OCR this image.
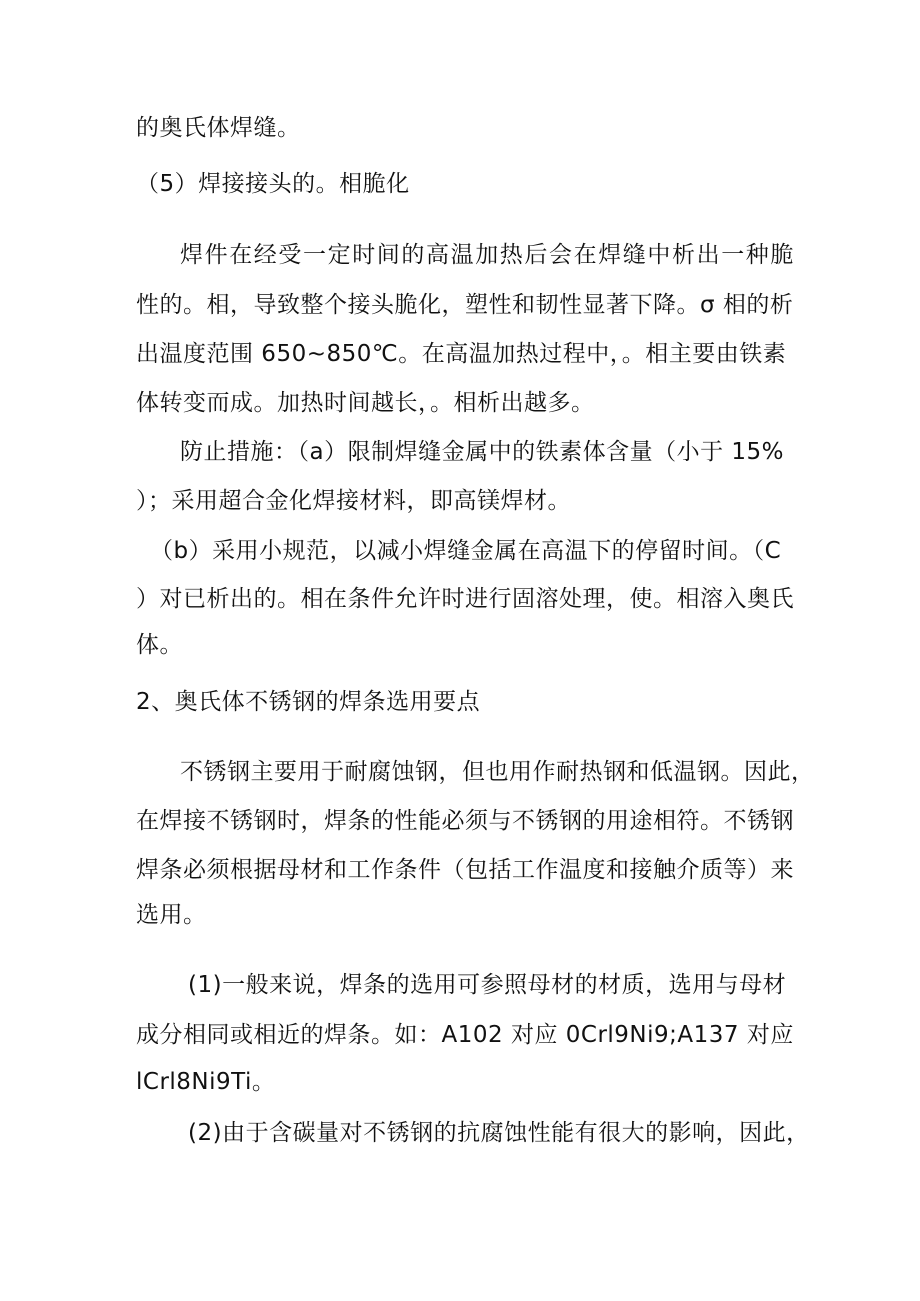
的奥氏体焊缝。
（5）焊接接头的。相脆化
焊件在经受一定时间的高温加热后会在焊缝中析出一种脆
性的。相，导致整个接头脆化，塑性和韧性显著下降。σ 相的析
出温度范围 650~850℃。在高温加热过程中，。相主要由铁素
体转变而成。加热时间越长，。相析出越多。
防止措施：（a）限制焊缝金属中的铁素体含量（小于 15%
）；采用超合金化焊接材料，即高镁焊材。
（b）采用小规范，以减小焊缝金属在高温下的停留时间。（C
）对已析出的。相在条件允许时进行固溶处理，使。相溶入奥氏
体。
2、奥氏体不锈钢的焊条选用要点
不锈钢主要用于耐腐蚀钢，但也用作耐热钢和低温钢。因此，
在焊接不锈钢时，焊条的性能必须与不锈钢的用途相符。不锈钢
焊条必须根据母材和工作条件（包括工作温度和接触介质等）来
选用。
(1)一般来说，焊条的选用可参照母材的材质，选用与母材
成分相同或相近的焊条。如：A102 对应 0Crl9Ni9;A137 对应
lCrl8Ni9Ti。
(2)由于含碳量对不锈钢的抗腐蚀性能有很大的影响，因此，
